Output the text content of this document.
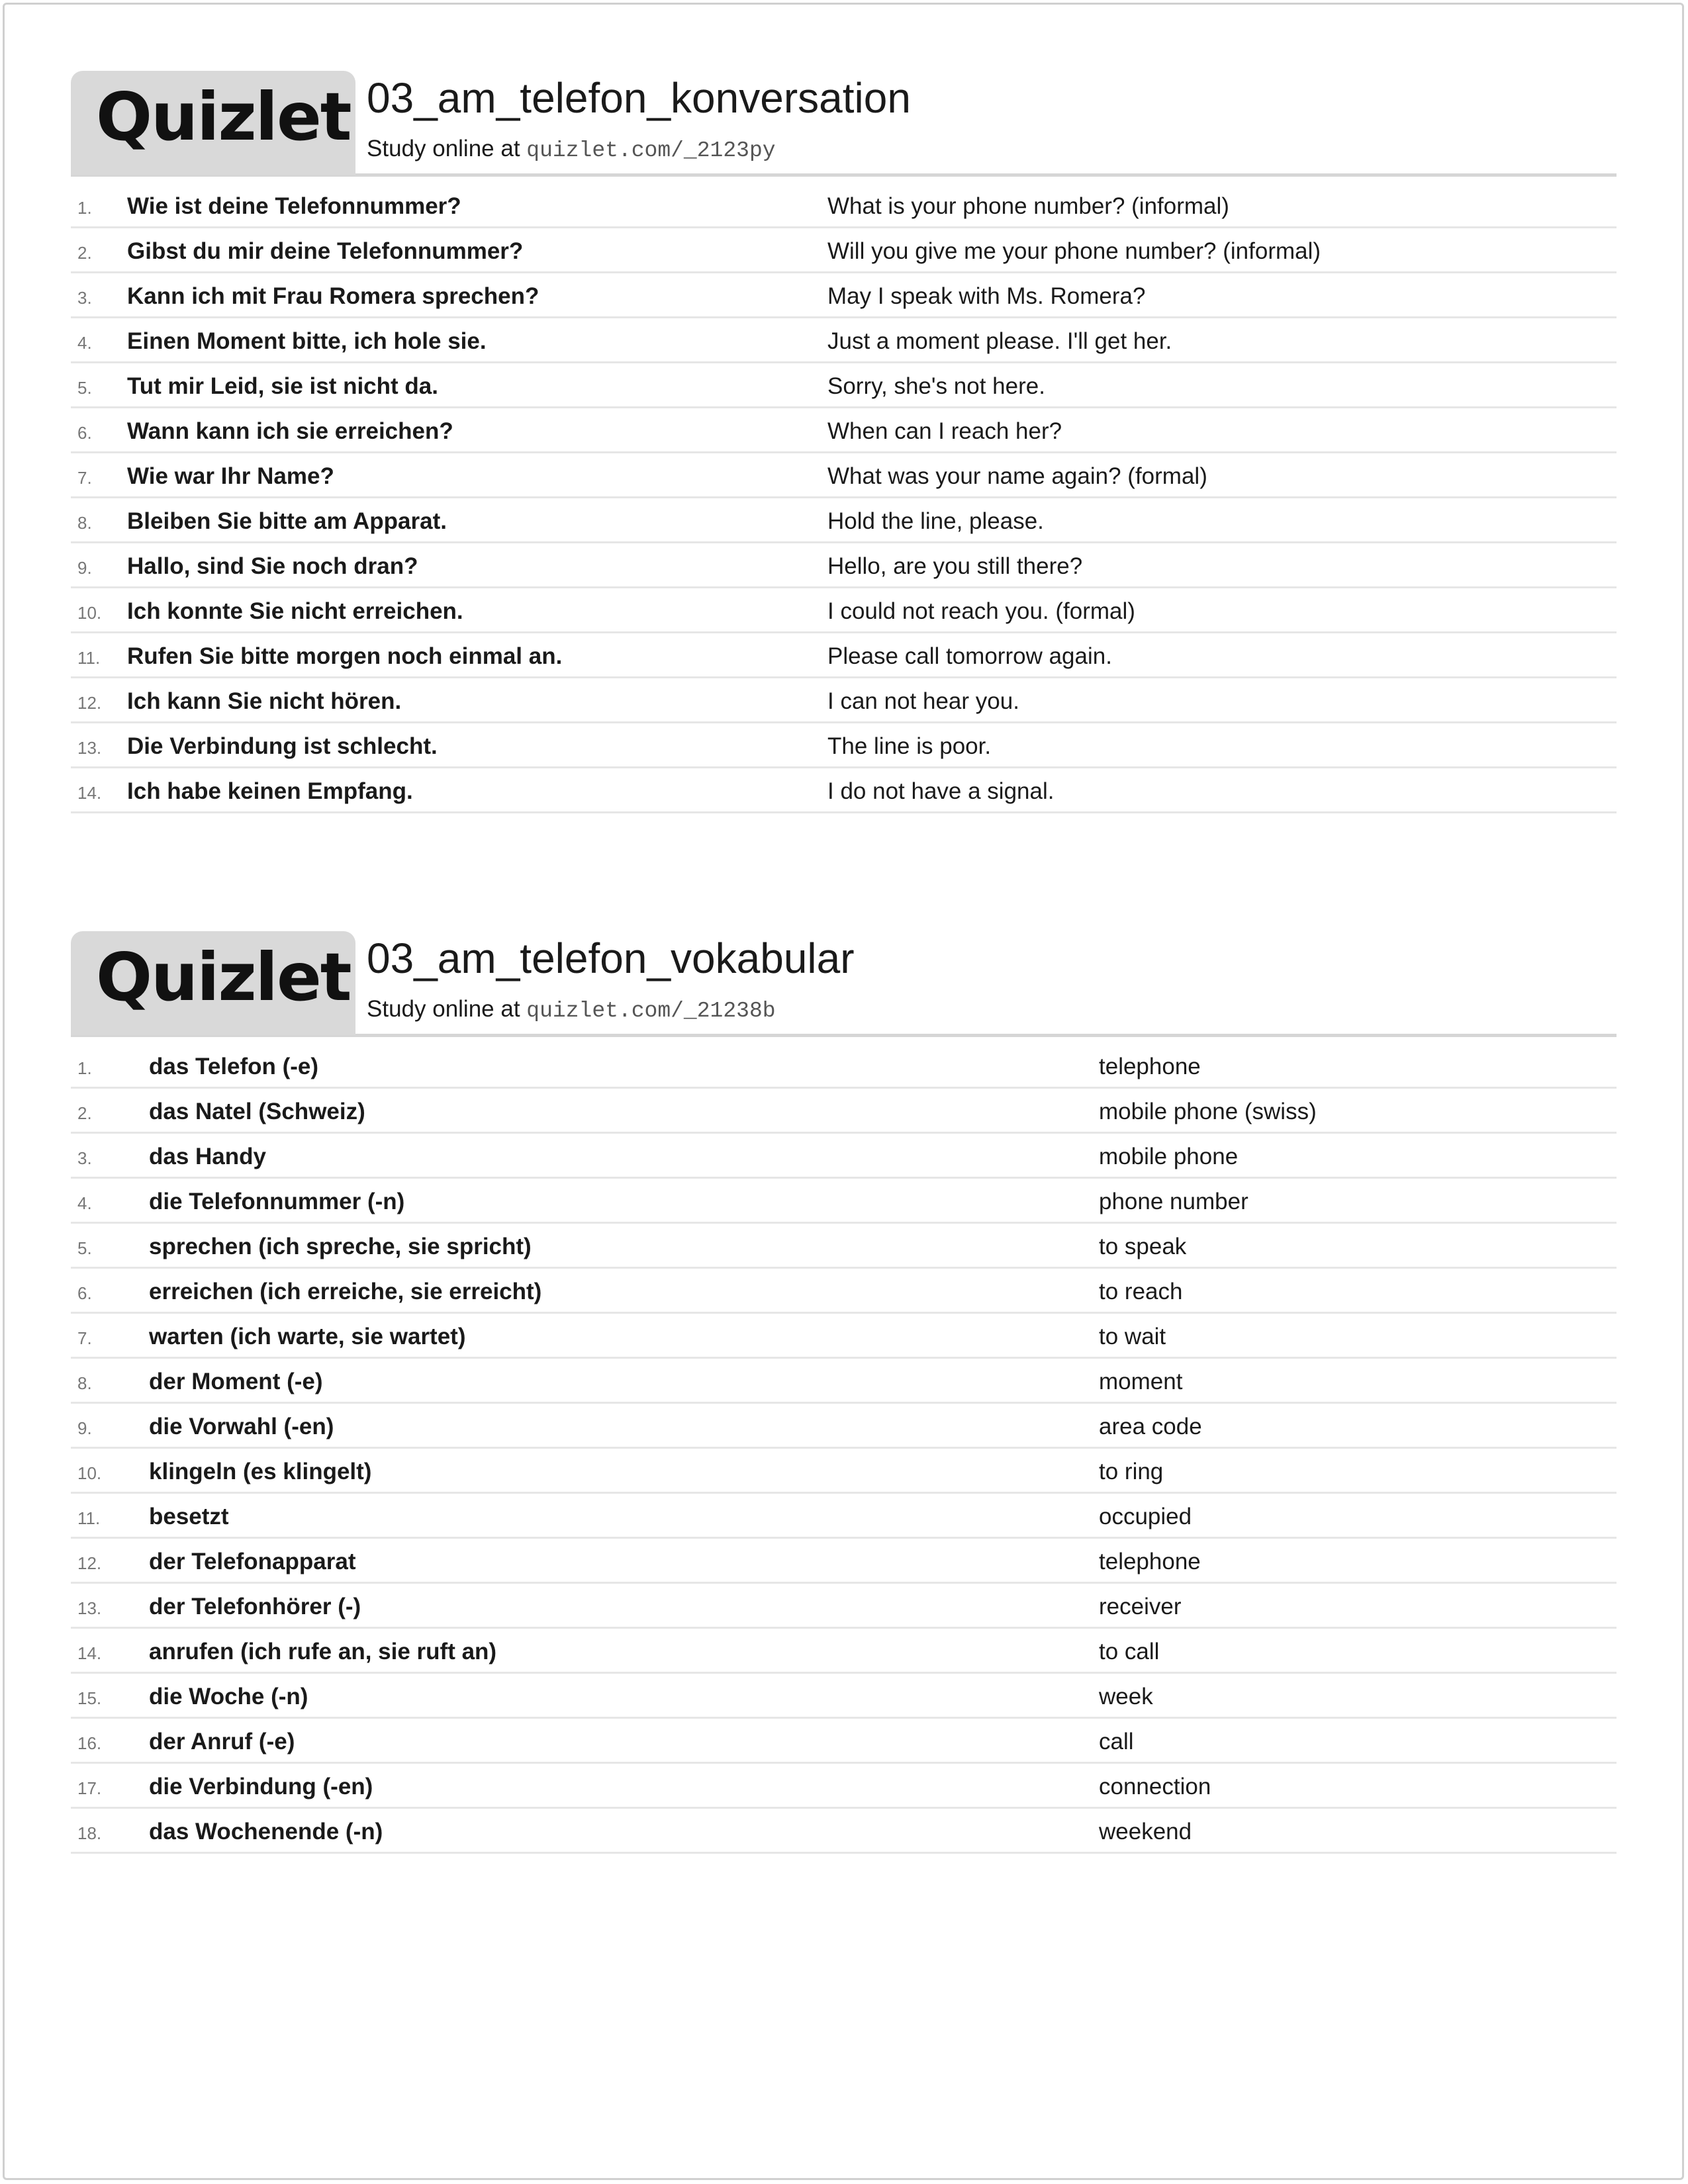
Quizlet 03_am_telefon_konversation
Study online at quizlet.com/_2123py
1. Wie ist deine Telefonnummer?	What is your phone number? (informal)
2. Gibst du mir deine Telefonnummer?	Will you give me your phone number? (informal)
3. Kann ich mit Frau Romera sprechen?	May I speak with Ms. Romera?
4. Einen Moment bitte, ich hole sie.	Just a moment please. I'll get her.
5. Tut mir Leid, sie ist nicht da.	Sorry, she's not here.
6. Wann kann ich sie erreichen?	When can I reach her?
7. Wie war Ihr Name?	What was your name again? (formal)
8. Bleiben Sie bitte am Apparat.	Hold the line, please.
9. Hallo, sind Sie noch dran?	Hello, are you still there?
10. Ich konnte Sie nicht erreichen.	I could not reach you. (formal)
11. Rufen Sie bitte morgen noch einmal an.	Please call tomorrow again.
12. Ich kann Sie nicht hören.	I can not hear you.
13. Die Verbindung ist schlecht.	The line is poor.
14. Ich habe keinen Empfang.	I do not have a signal.
Quizlet 03_am_telefon_vokabular
Study online at quizlet.com/_21238b
1. das Telefon (-e)	telephone
2. das Natel (Schweiz)	mobile phone (swiss)
3. das Handy	mobile phone
4. die Telefonnummer (-n)	phone number
5. sprechen (ich spreche, sie spricht)	to speak
6. erreichen (ich erreiche, sie erreicht)	to reach
7. warten (ich warte, sie wartet)	to wait
8. der Moment (-e)	moment
9. die Vorwahl (-en)	area code
10. klingeln (es klingelt)	to ring
11. besetzt	occupied
12. der Telefonapparat	telephone
13. der Telefonhörer (-)	receiver
14. anrufen (ich rufe an, sie ruft an)	to call
15. die Woche (-n)	week
16. der Anruf (-e)	call
17. die Verbindung (-en)	connection
18. das Wochenende (-n)	weekend
